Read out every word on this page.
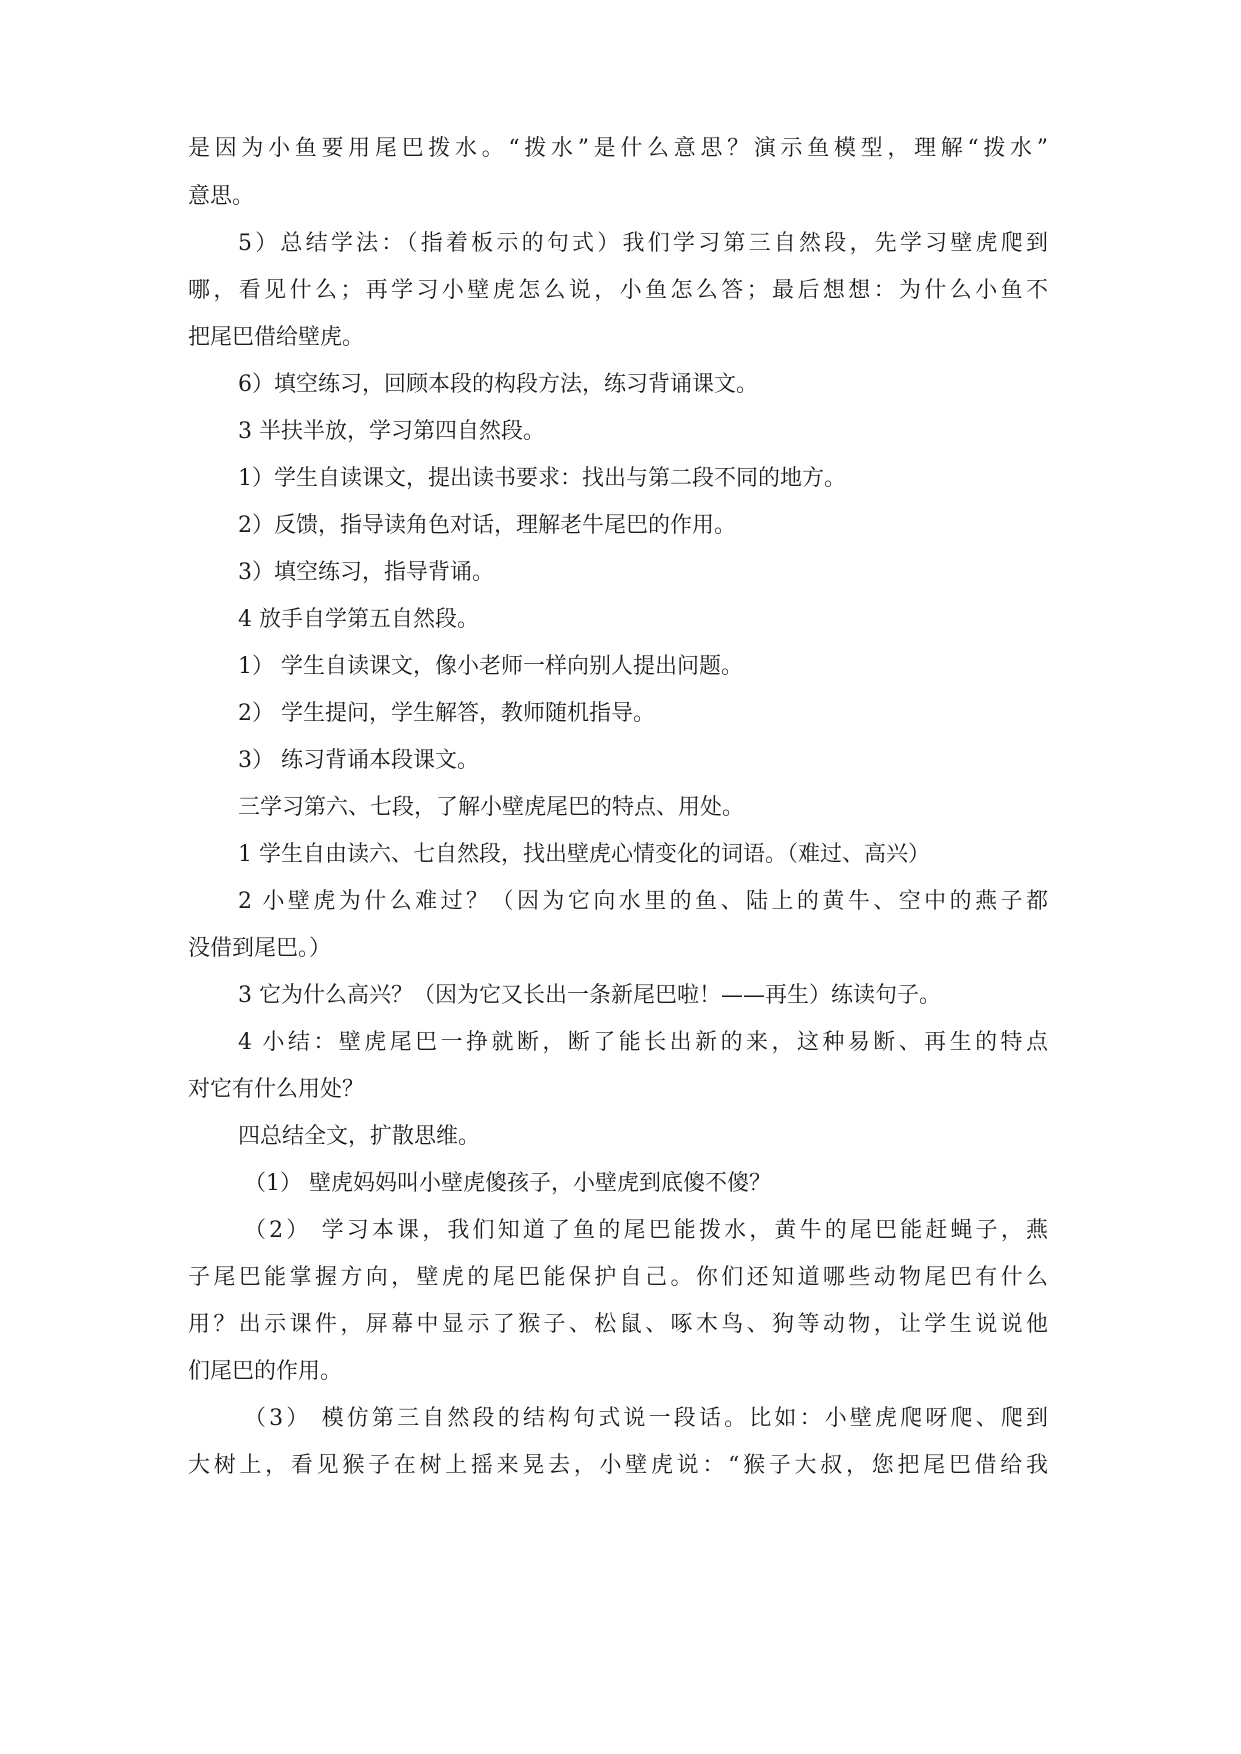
是因为小鱼要用尾巴拨水。“拨水”是什么意思？演示鱼模型，理解“拨水”
意思。
5）总结学法：（指着板示的句式）我们学习第三自然段，先学习壁虎爬到
哪，看见什么；再学习小壁虎怎么说，小鱼怎么答；最后想想：为什么小鱼不
把尾巴借给壁虎。
6）填空练习，回顾本段的构段方法，练习背诵课文。
3 半扶半放，学习第四自然段。
1）学生自读课文，提出读书要求：找出与第二段不同的地方。
2）反馈，指导读角色对话，理解老牛尾巴的作用。
3）填空练习，指导背诵。
4 放手自学第五自然段。
1） 学生自读课文，像小老师一样向别人提出问题。
2） 学生提问，学生解答，教师随机指导。
3） 练习背诵本段课文。
三学习第六、七段，了解小壁虎尾巴的特点、用处。
1 学生自由读六、七自然段，找出壁虎心情变化的词语。（难过、高兴）
2 小壁虎为什么难过？（因为它向水里的鱼、陆上的黄牛、空中的燕子都
没借到尾巴。）
3 它为什么高兴？（因为它又长出一条新尾巴啦！——再生）练读句子。
4 小结：壁虎尾巴一挣就断，断了能长出新的来，这种易断、再生的特点
对它有什么用处？
四总结全文，扩散思维。
（1） 壁虎妈妈叫小壁虎傻孩子，小壁虎到底傻不傻？
（2） 学习本课，我们知道了鱼的尾巴能拨水，黄牛的尾巴能赶蝇子，燕
子尾巴能掌握方向，壁虎的尾巴能保护自己。你们还知道哪些动物尾巴有什么
用？出示课件，屏幕中显示了猴子、松鼠、啄木鸟、狗等动物，让学生说说他
们尾巴的作用。
（3） 模仿第三自然段的结构句式说一段话。比如：小壁虎爬呀爬、爬到
大树上，看见猴子在树上摇来晃去，小壁虎说：“猴子大叔，您把尾巴借给我
